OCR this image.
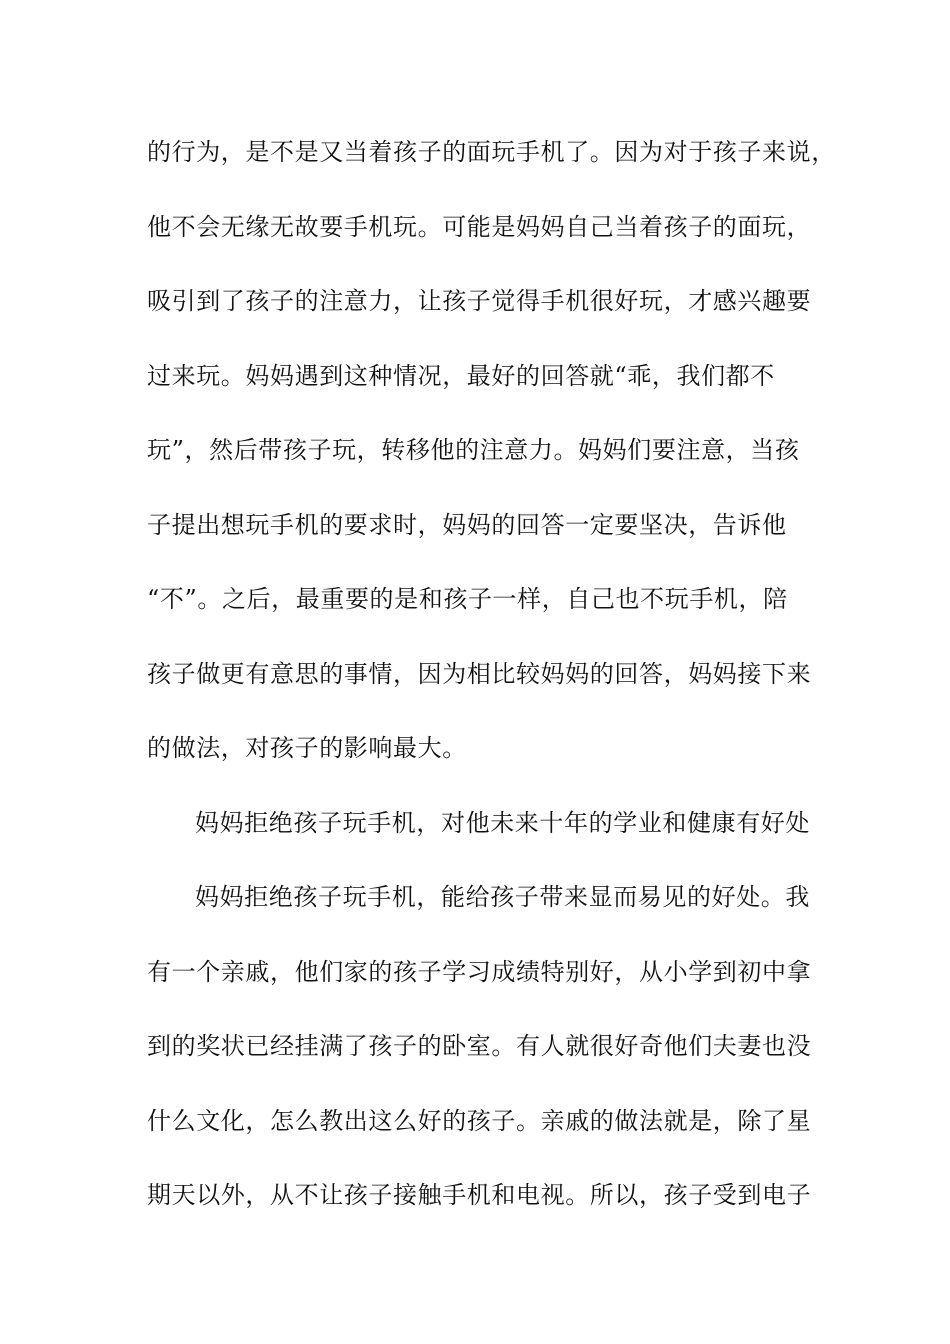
的行为，是不是又当着孩子的面玩手机了。因为对于孩子来说，
他不会无缘无故要手机玩。可能是妈妈自己当着孩子的面玩，
吸引到了孩子的注意力，让孩子觉得手机很好玩，才感兴趣要
过来玩。妈妈遇到这种情况，最好的回答就“乖，我们都不
玩”，然后带孩子玩，转移他的注意力。妈妈们要注意，当孩
子提出想玩手机的要求时，妈妈的回答一定要坚决，告诉他
“不”。之后，最重要的是和孩子一样，自己也不玩手机，陪
孩子做更有意思的事情，因为相比较妈妈的回答，妈妈接下来
的做法，对孩子的影响最大。
妈妈拒绝孩子玩手机，对他未来十年的学业和健康有好处
妈妈拒绝孩子玩手机，能给孩子带来显而易见的好处。我
有一个亲戚，他们家的孩子学习成绩特别好，从小学到初中拿
到的奖状已经挂满了孩子的卧室。有人就很好奇他们夫妻也没
什么文化，怎么教出这么好的孩子。亲戚的做法就是，除了星
期天以外，从不让孩子接触手机和电视。所以，孩子受到电子
